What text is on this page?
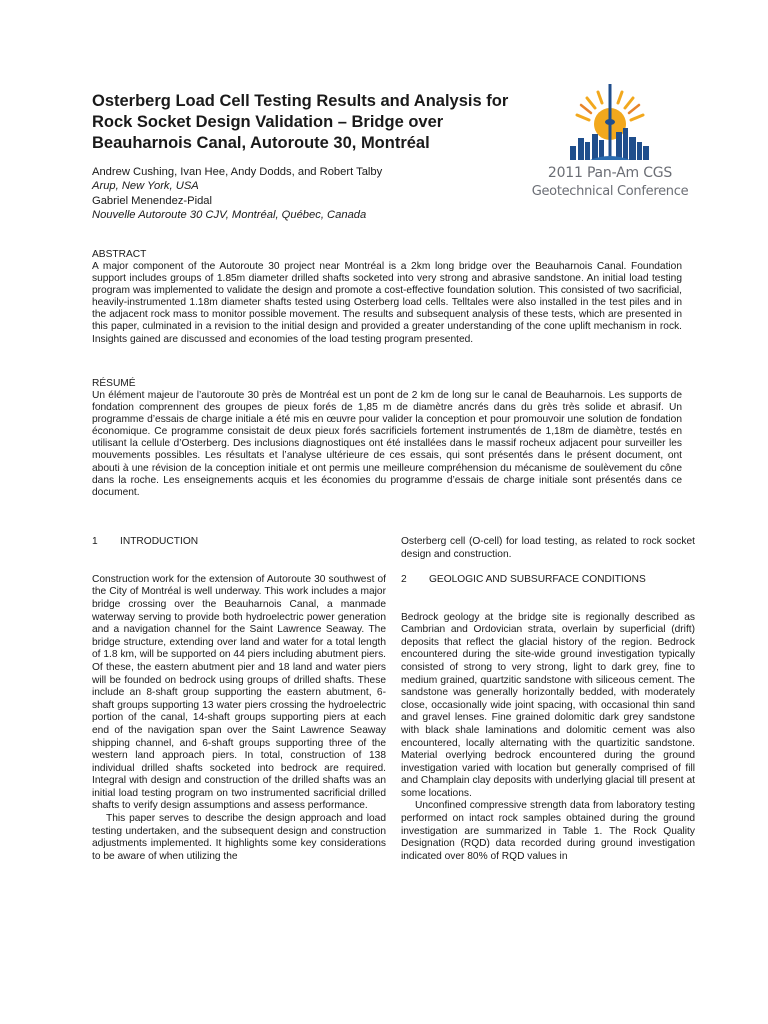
Osterberg Load Cell Testing Results and Analysis for Rock Socket Design Validation – Bridge over Beauharnois Canal, Autoroute 30, Montréal
Andrew Cushing, Ivan Hee, Andy Dodds, and Robert Talby
Arup, New York, USA
Gabriel Menendez-Pidal
Nouvelle Autoroute 30 CJV, Montréal, Québec, Canada
2011 Pan-Am CGS
Geotechnical Conference
ABSTRACT

A major component of the Autoroute 30 project near Montréal is a 2km long bridge over the Beauharnois Canal. Foundation support includes groups of 1.85m diameter drilled shafts socketed into very strong and abrasive sandstone. An initial load testing program was implemented to validate the design and promote a cost-effective foundation solution. This consisted of two sacrificial, heavily-instrumented 1.18m diameter shafts tested using Osterberg load cells. Telltales were also installed in the test piles and in the adjacent rock mass to monitor possible movement. The results and subsequent analysis of these tests, which are presented in this paper, culminated in a revision to the initial design and provided a greater understanding of the cone uplift mechanism in rock. Insights gained are discussed and economies of the load testing program presented.

RÉSUMÉ

Un élément majeur de l’autoroute 30 près de Montréal est un pont de 2 km de long sur le canal de Beauharnois. Les supports de fondation comprennent des groupes de pieux forés de 1,85 m de diamètre ancrés dans du grès très solide et abrasif. Un programme d’essais de charge initiale a été mis en œuvre pour valider la conception et pour promouvoir une solution de fondation économique. Ce programme consistait de deux pieux forés sacrificiels fortement instrumentés de 1,18m de diamètre, testés en utilisant la cellule d’Osterberg. Des inclusions diagnostiques ont été installées dans le massif rocheux adjacent pour surveiller les mouvements possibles. Les résultats et l’analyse ultérieure de ces essais, qui sont présentés dans le présent document, ont abouti à une révision de la conception initiale et ont permis une meilleure compréhension du mécanisme de soulèvement du cône dans la roche. Les enseignements acquis et les économies du programme d’essais de charge initiale sont présentés dans ce document.

1	INTRODUCTION

Construction work for the extension of Autoroute 30 southwest of the City of Montréal is well underway. This work includes a major bridge crossing over the Beauharnois Canal, a manmade waterway serving to provide both hydroelectric power generation and a navigation channel for the Saint Lawrence Seaway. The bridge structure, extending over land and water for a total length of 1.8 km, will be supported on 44 piers including abutment piers. Of these, the eastern abutment pier and 18 land and water piers will be founded on bedrock using groups of drilled shafts. These include an 8-shaft group supporting the eastern abutment, 6-shaft groups supporting 13 water piers crossing the hydroelectric portion of the canal, 14-shaft groups supporting piers at each end of the navigation span over the Saint Lawrence Seaway shipping channel, and 6-shaft groups supporting three of the western land approach piers. In total, construction of 138 individual drilled shafts socketed into bedrock are required. Integral with design and construction of the drilled shafts was an initial load testing program on two instrumented sacrificial drilled shafts to verify design assumptions and assess performance.

This paper serves to describe the design approach and load testing undertaken, and the subsequent design and construction adjustments implemented. It highlights some key considerations to be aware of when utilizing the

Osterberg cell (O-cell) for load testing, as related to rock socket design and construction.

2	GEOLOGIC AND SUBSURFACE CONDITIONS

Bedrock geology at the bridge site is regionally described as Cambrian and Ordovician strata, overlain by superficial (drift) deposits that reflect the glacial history of the region. Bedrock encountered during the site-wide ground investigation typically consisted of strong to very strong, light to dark grey, fine to medium grained, quartzitic sandstone with siliceous cement. The sandstone was generally horizontally bedded, with moderately close, occasionally wide joint spacing, with occasional thin sand and gravel lenses. Fine grained dolomitic dark grey sandstone with black shale laminations and dolomitic cement was also encountered, locally alternating with the quartizitic sandstone. Material overlying bedrock encountered during the ground investigation varied with location but generally comprised of fill and Champlain clay deposits with underlying glacial till present at some locations.

Unconfined compressive strength data from laboratory testing performed on intact rock samples obtained during the ground investigation are summarized in Table 1. The Rock Quality Designation (RQD) data recorded during ground investigation indicated over 80% of RQD values in
